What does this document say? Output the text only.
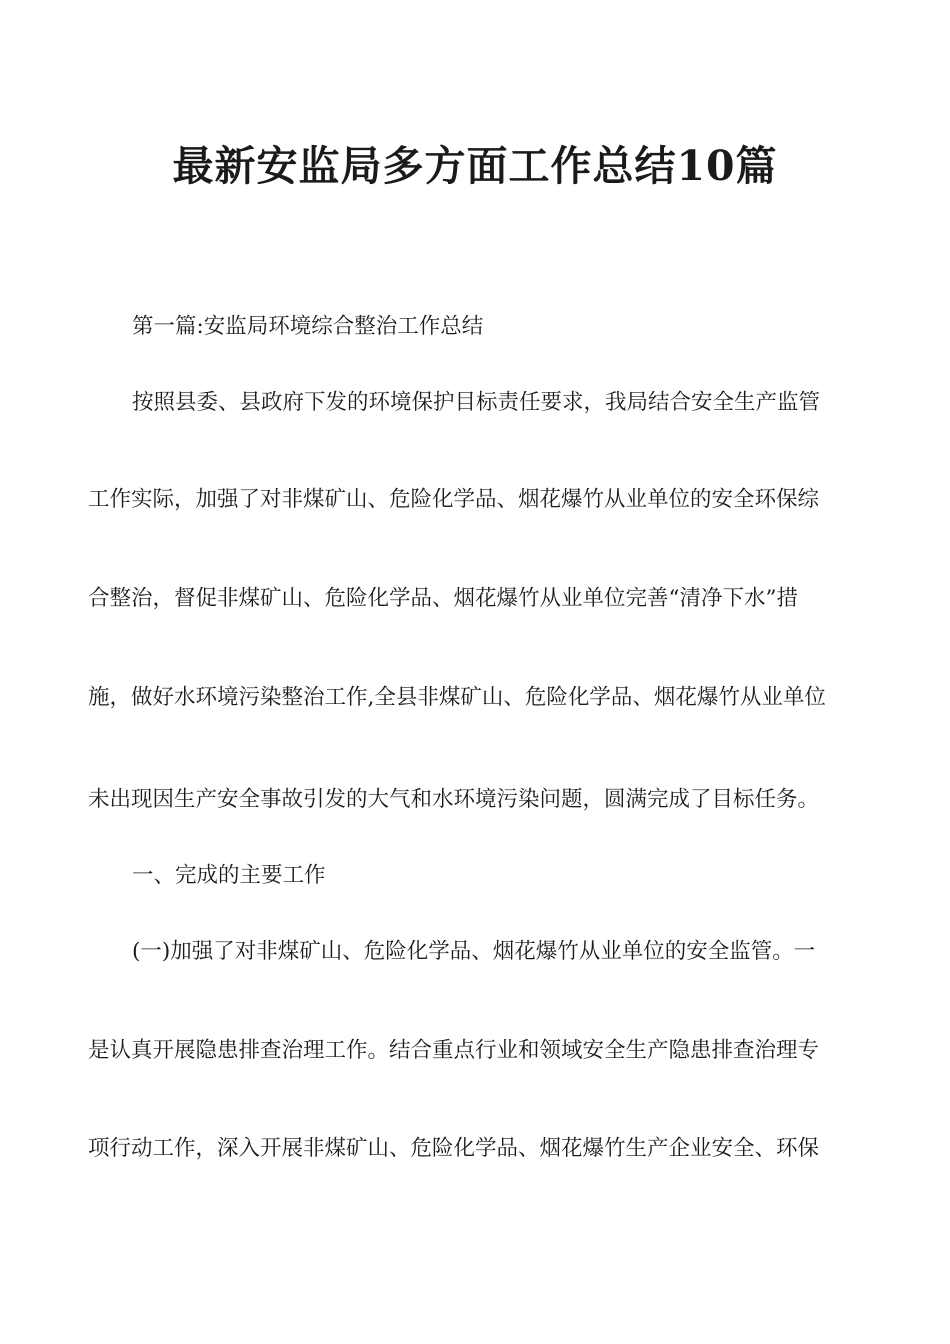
最新安监局多方面工作总结10篇

第一篇:安监局环境综合整治工作总结

按照县委、县政府下发的环境保护目标责任要求，我局结合安全生产监管

工作实际，加强了对非煤矿山、危险化学品、烟花爆竹从业单位的安全环保综

合整治，督促非煤矿山、危险化学品、烟花爆竹从业单位完善“清净下水”措

施，做好水环境污染整治工作,全县非煤矿山、危险化学品、烟花爆竹从业单位

未出现因生产安全事故引发的大气和水环境污染问题，圆满完成了目标任务。

一、完成的主要工作

(一)加强了对非煤矿山、危险化学品、烟花爆竹从业单位的安全监管。一

是认真开展隐患排查治理工作。结合重点行业和领域安全生产隐患排查治理专

项行动工作，深入开展非煤矿山、危险化学品、烟花爆竹生产企业安全、环保
